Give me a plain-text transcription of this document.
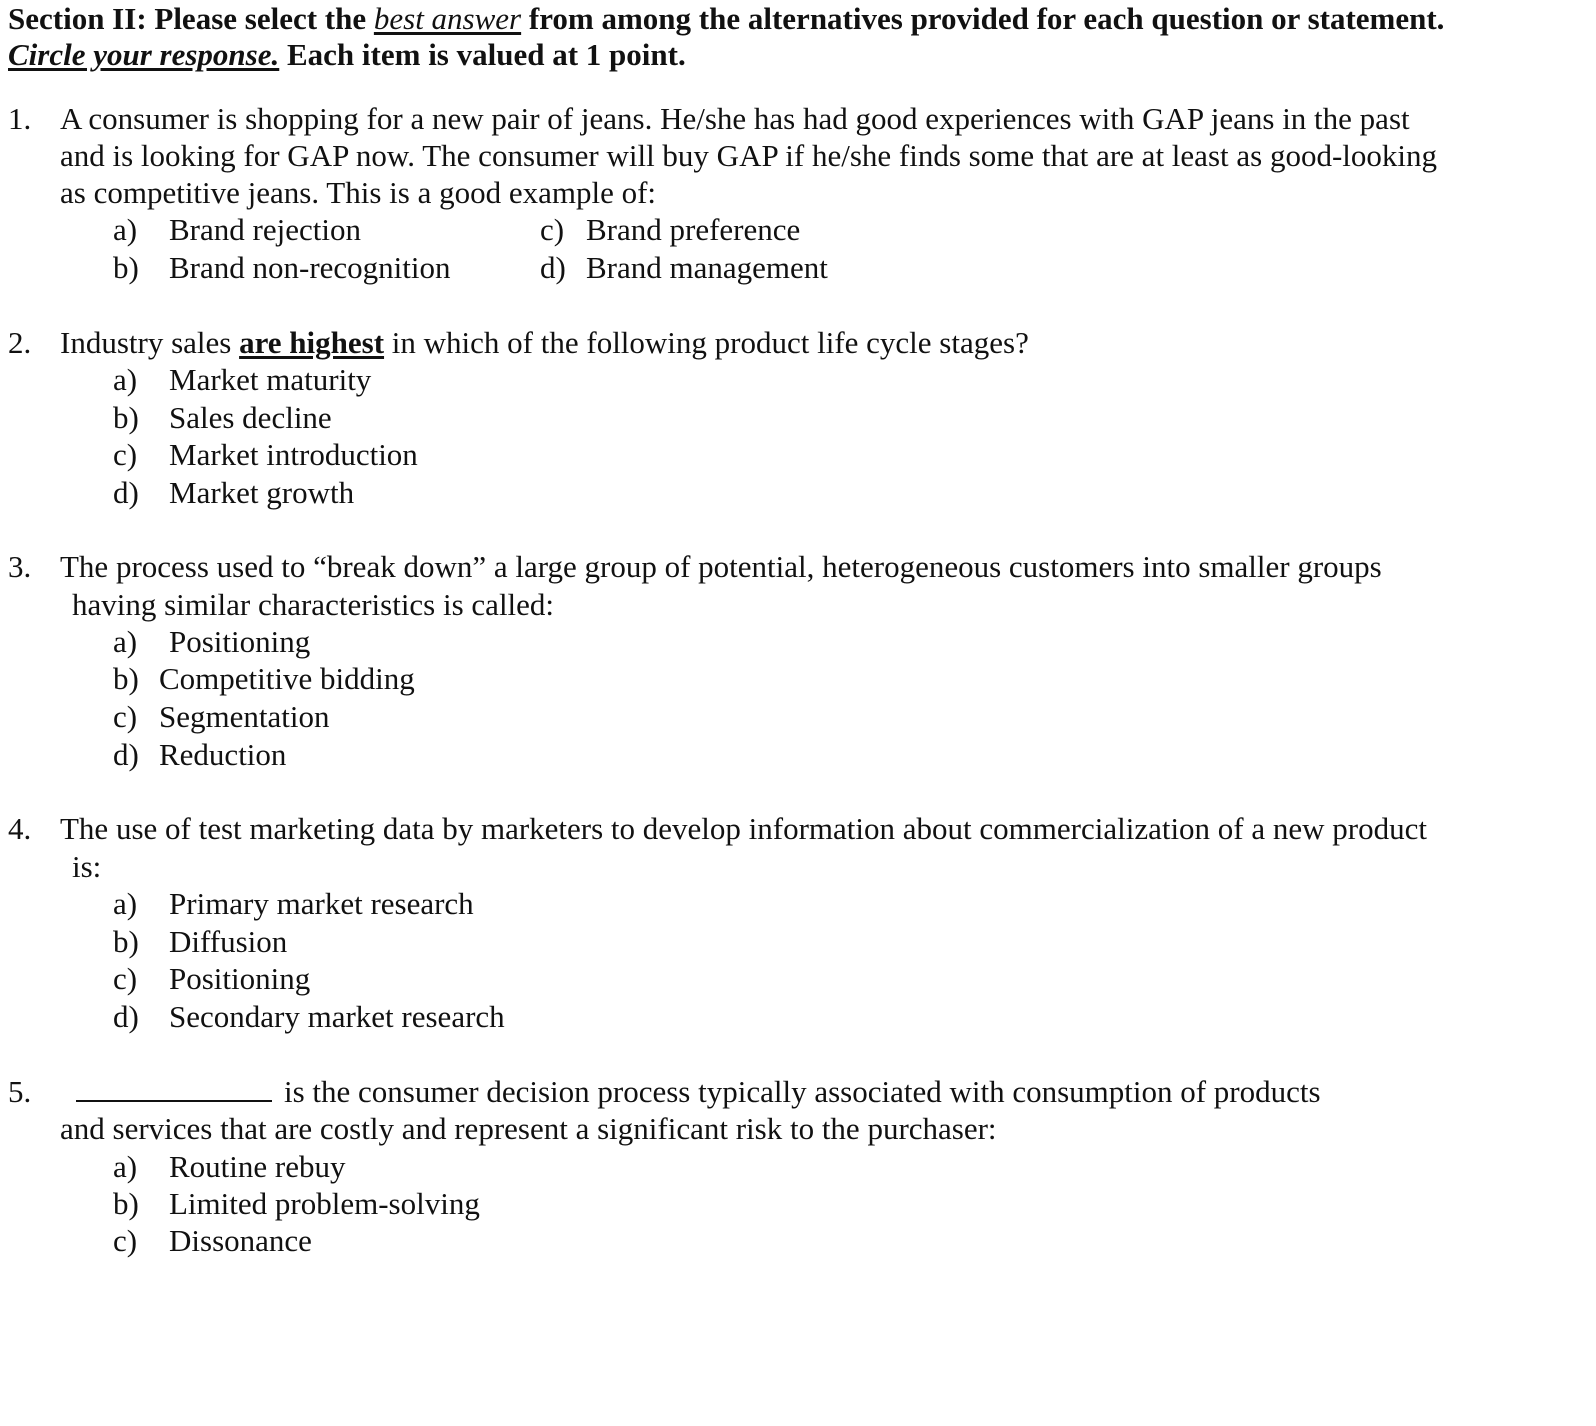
Section II: Please select the best answer from among the alternatives provided for each question or statement.
Circle your response. Each item is valued at 1 point.
1. A consumer is shopping for a new pair of jeans. He/she has had good experiences with GAP jeans in the past
and is looking for GAP now. The consumer will buy GAP if he/she finds some that are at least as good-looking
as competitive jeans. This is a good example of:
a) Brand rejection
b) Brand non-recognition
c) Brand preference
d) Brand management
2. Industry sales are highest in which of the following product life cycle stages?
a) Market maturity
b) Sales decline
c) Market introduction
d) Market growth
3. The process used to “break down” a large group of potential, heterogeneous customers into smaller groups
having similar characteristics is called:
a) Positioning
b) Competitive bidding
c) Segmentation
d) Reduction
4. The use of test marketing data by marketers to develop information about commercialization of a new product
is:
a) Primary market research
b) Diffusion
c) Positioning
d) Secondary market research
5.	is the consumer decision process typically associated with consumption of products
and services that are costly and represent a significant risk to the purchaser:
a) Routine rebuy
b) Limited problem-solving
c) Dissonance
